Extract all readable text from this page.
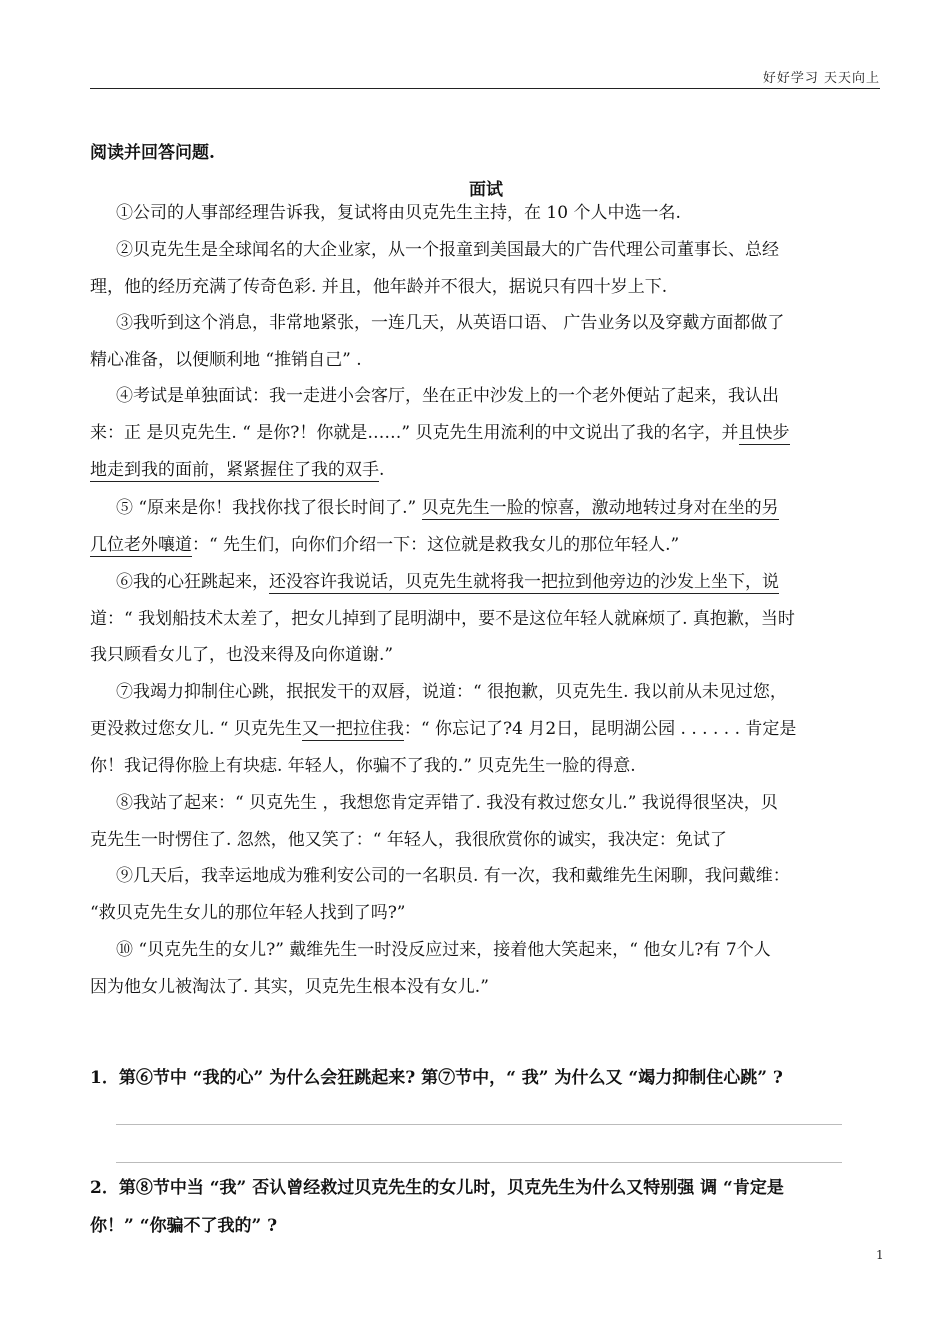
好好学习 天天向上
阅读并回答问题.
面试
①公司的人事部经理告诉我，复试将由贝克先生主持，在 10 个人中选一名.
②贝克先生是全球闻名的大企业家，从一个报童到美国最大的广告代理公司董事长、总经
理，他的经历充满了传奇色彩. 并且，他年龄并不很大，据说只有四十岁上下.
③我听到这个消息，非常地紧张，一连几天，从英语口语、 广告业务以及穿戴方面都做了
精心准备，以便顺利地 “推销自己” .
④考试是单独面试：我一走进小会客厅，坐在正中沙发上的一个老外便站了起来，我认出
来：正 是贝克先生. “ 是你?！你就是……” 贝克先生用流利的中文说出了我的名字，并且快步
地走到我的面前，紧紧握住了我的双手.
⑤ “原来是你！我找你找了很长时间了.” 贝克先生一脸的惊喜，激动地转过身对在坐的另
几位老外嚷道：“ 先生们，向你们介绍一下：这位就是救我女儿的那位年轻人.”
⑥我的心狂跳起来，还没容许我说话，贝克先生就将我一把拉到他旁边的沙发上坐下，说
道：“ 我划船技术太差了，把女儿掉到了昆明湖中，要不是这位年轻人就麻烦了. 真抱歉，当时
我只顾看女儿了，也没来得及向你道谢.”
⑦我竭力抑制住心跳，抿抿发干的双唇，说道：“ 很抱歉，贝克先生. 我以前从未见过您，
更没救过您女儿. “ 贝克先生又一把拉住我：“ 你忘记了?4 月2日，昆明湖公园 . . . . . . 肯定是
你！我记得你脸上有块痣. 年轻人，你骗不了我的.” 贝克先生一脸的得意.
⑧我站了起来：“ 贝克先生 ，我想您肯定弄错了. 我没有救过您女儿.” 我说得很坚决，贝
克先生一时愣住了. 忽然，他又笑了：“ 年轻人，我很欣赏你的诚实，我决定：免试了
⑨几天后，我幸运地成为雅利安公司的一名职员. 有一次，我和戴维先生闲聊，我问戴维：
“救贝克先生女儿的那位年轻人找到了吗?”
⑩ “贝克先生的女儿?” 戴维先生一时没反应过来，接着他大笑起来，“ 他女儿?有 7个人
因为他女儿被淘汰了. 其实，贝克先生根本没有女儿.”
1．第⑥节中 “我的心” 为什么会狂跳起来? 第⑦节中，“ 我” 为什么又 “竭力抑制住心跳” ?
2．第⑧节中当 “我” 否认曾经救过贝克先生的女儿时，贝克先生为什么又特别强 调 “肯定是
你！” “你骗不了我的” ?
1
